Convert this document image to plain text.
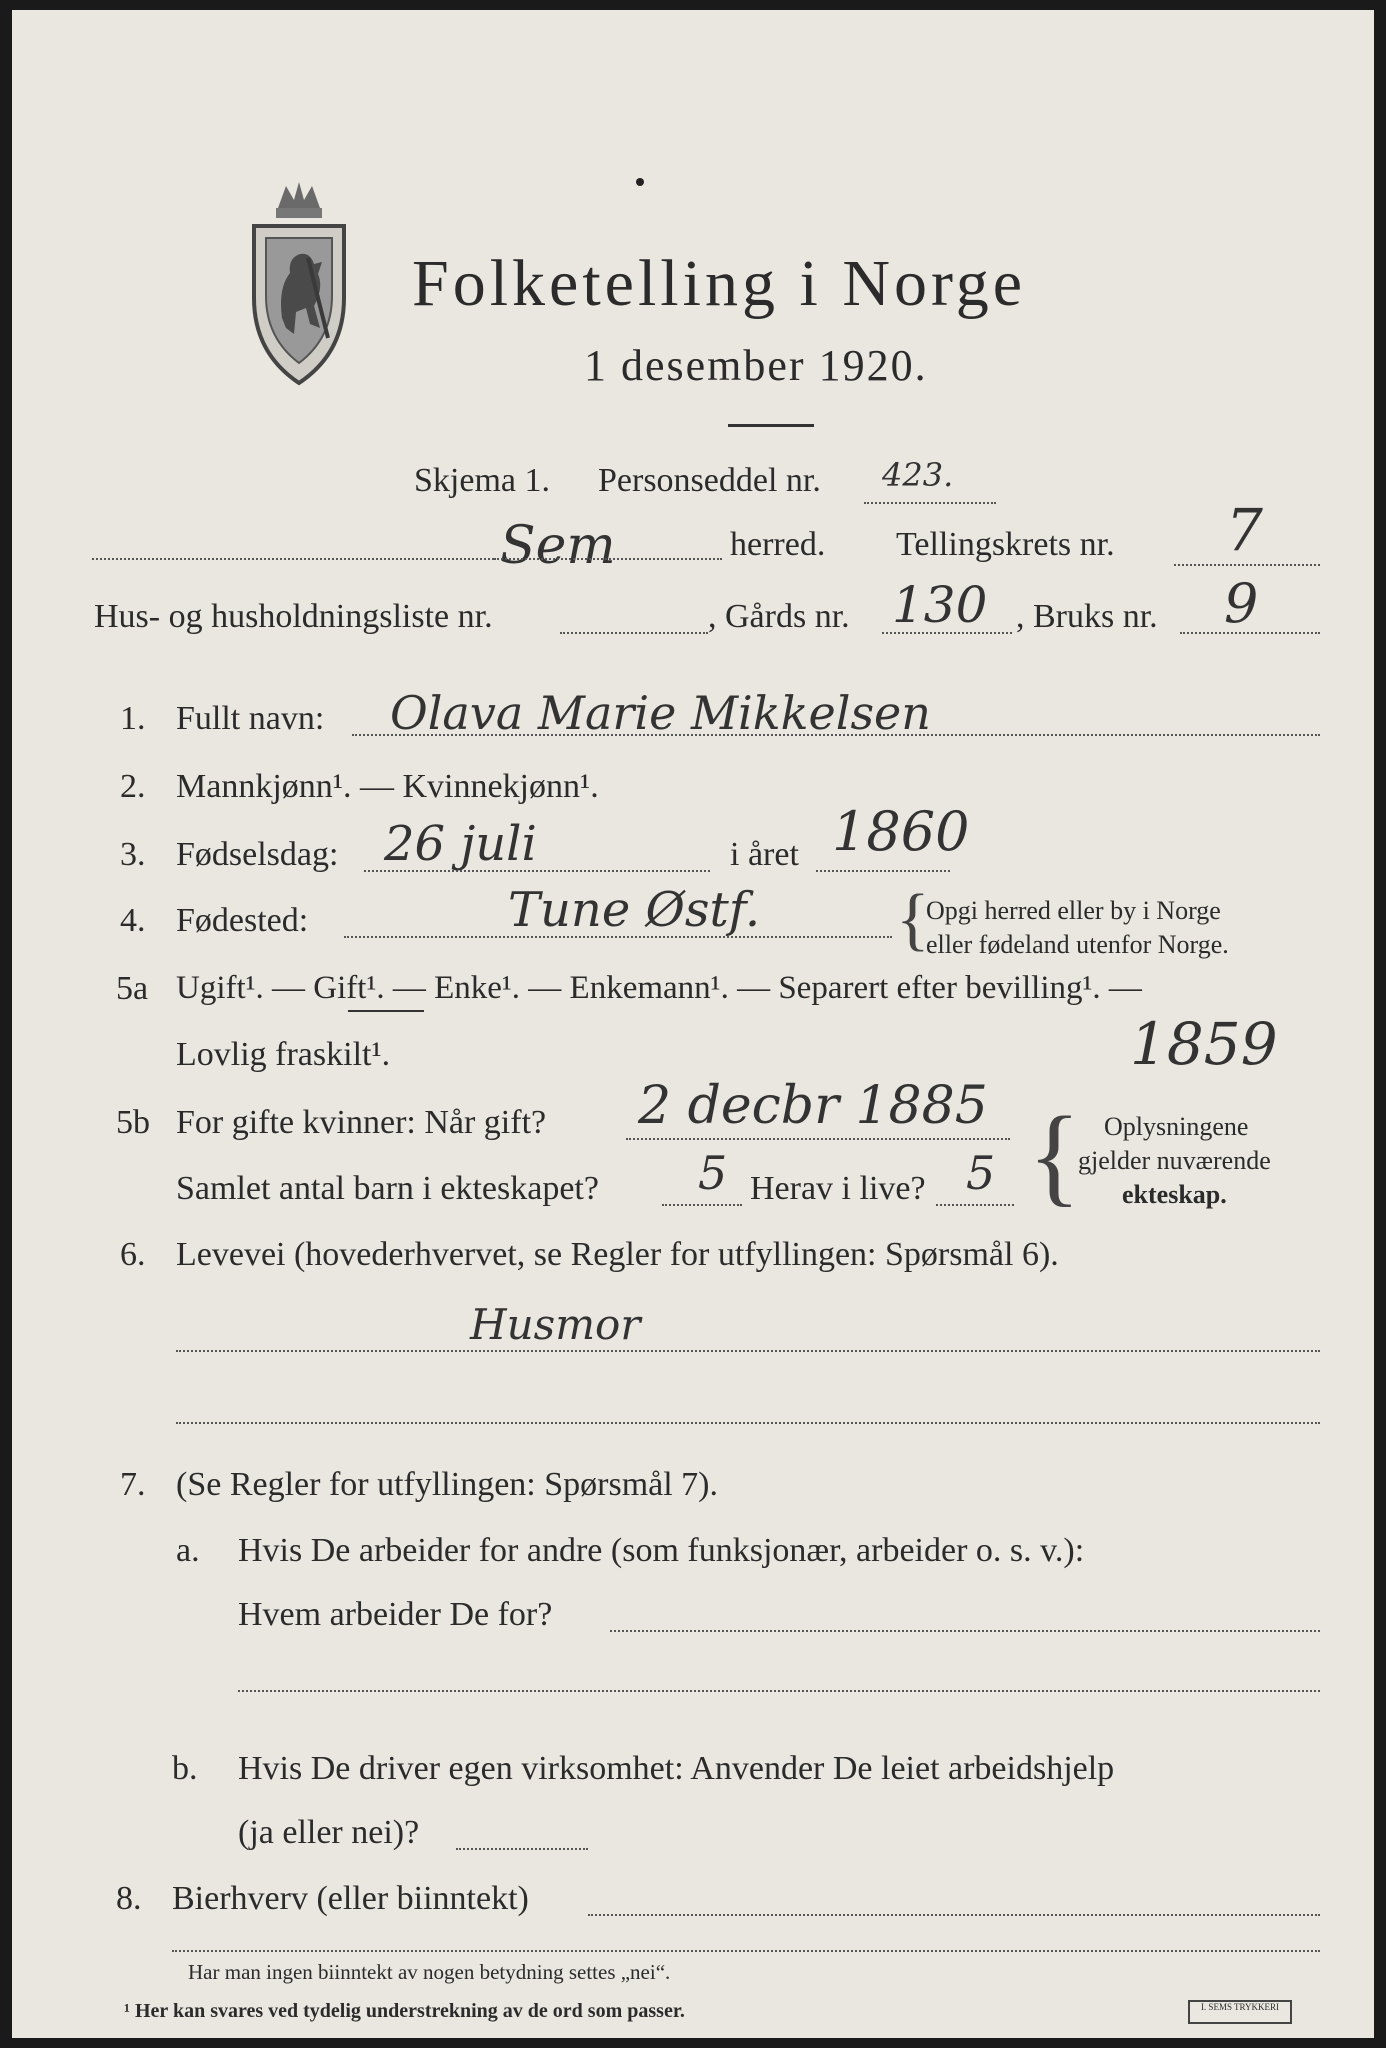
Folketelling i Norge
1 desember 1920.
Skjema 1. Personseddel nr. 423.
Sem	herred. Tellingskrets nr. 7
Hus- og husholdningsliste nr.	, Gårds nr. 130 , Bruks nr. 9
1. Fullt navn: Olava Marie Mikkelsen
2. Mannkjønn¹. — Kvinnekjønn¹.
3. Fødselsdag: 26 juli	i året 1860
4. Fødested:	Tune Østf. {
Opgi herred eller by i Norge
eller fødeland utenfor Norge.
5a Ugift¹. — Gift¹. — Enke¹. — Enkemann¹. — Separert efter bevilling¹. —
Lovlig fraskilt¹.	1859
5b For gifte kvinner: Når gift? 2 decbr 1885
Samlet antal barn i ekteskapet? 5 Herav i live? 5 { Oplysningene
gjelder nuværende
ekteskap.
6. Levevei (hovederhvervet, se Regler for utfyllingen: Spørsmål 6).
Husmor
7. (Se Regler for utfyllingen: Spørsmål 7).
a. Hvis De arbeider for andre (som funksjonær, arbeider o. s. v.):
Hvem arbeider De for?
b. Hvis De driver egen virksomhet: Anvender De leiet arbeidshjelp
(ja eller nei)?
8. Bierhverv (eller biinntekt)
Har man ingen biinntekt av nogen betydning settes „nei“.
¹ Her kan svares ved tydelig understrekning av de ord som passer.	I. SEMS TRYKKERI
